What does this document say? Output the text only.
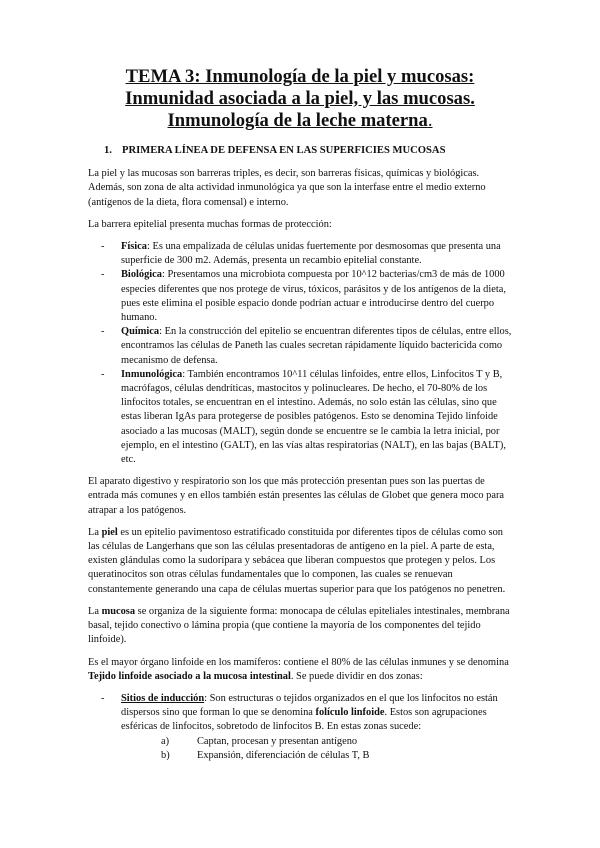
TEMA 3: Inmunología de la piel y mucosas:
Inmunidad asociada a la piel, y las mucosas.
Inmunología de la leche materna.
1. PRIMERA LÍNEA DE DEFENSA EN LAS SUPERFICIES MUCOSAS

La piel y las mucosas son barreras triples, es decir, son barreras físicas, químicas y biológicas. Además, son zona de alta actividad inmunológica ya que son la interfase entre el medio externo (antígenos de la dieta, flora comensal) e interno.

La barrera epitelial presenta muchas formas de protección:

- Física: Es una empalizada de células unidas fuertemente por desmosomas que presenta una superficie de 300 m2. Además, presenta un recambio epitelial constante.
- Biológica: Presentamos una microbiota compuesta por 10^12 bacterias/cm3 de más de 1000 especies diferentes que nos protege de virus, tóxicos, parásitos y de los antígenos de la dieta, pues este elimina el posible espacio donde podrían actuar e introducirse dentro del cuerpo humano.
- Química: En la construcción del epitelio se encuentran diferentes tipos de células, entre ellos, encontramos las células de Paneth las cuales secretan rápidamente líquido bactericida como mecanismo de defensa.
- Inmunológica: También encontramos 10^11 células linfoides, entre ellos, Linfocitos T y B, macrófagos, células dendríticas, mastocitos y polinucleares. De hecho, el 70-80% de los linfocitos totales, se encuentran en el intestino. Además, no solo están las células, sino que estas liberan IgAs para protegerse de posibles patógenos. Esto se denomina Tejido linfoide asociado a las mucosas (MALT), según donde se encuentre se le cambia la letra inicial, por ejemplo, en el intestino (GALT), en las vías altas respiratorias (NALT), en las bajas (BALT), etc.

El aparato digestivo y respiratorio son los que más protección presentan pues son las puertas de entrada más comunes y en ellos también están presentes las células de Globet que genera moco para atrapar a los patógenos.

La piel es un epitelio pavimentoso estratificado constituida por diferentes tipos de células como son las células de Langerhans que son las células presentadoras de antígeno en la piel. A parte de esta, existen glándulas como la sudorípara y sebácea que liberan compuestos que protegen y pelos. Los queratinocitos son otras células fundamentales que lo componen, las cuales se renuevan constantemente generando una capa de células muertas superior para que los patógenos no penetren.

La mucosa se organiza de la siguiente forma: monocapa de células epiteliales intestinales, membrana basal, tejido conectivo o lámina propia (que contiene la mayoría de los componentes del tejido linfoide).

Es el mayor órgano linfoide en los mamíferos: contiene el 80% de las células inmunes y se denomina Tejido linfoide asociado a la mucosa intestinal. Se puede dividir en dos zonas:

- Sitios de inducción: Son estructuras o tejidos organizados en el que los linfocitos no están dispersos sino que forman lo que se denomina folículo linfoide. Estos son agrupaciones esféricas de linfocitos, sobretodo de linfocitos B. En estas zonas sucede:
a)	Captan, procesan y presentan antígeno
b)	Expansión, diferenciación de células T, B
